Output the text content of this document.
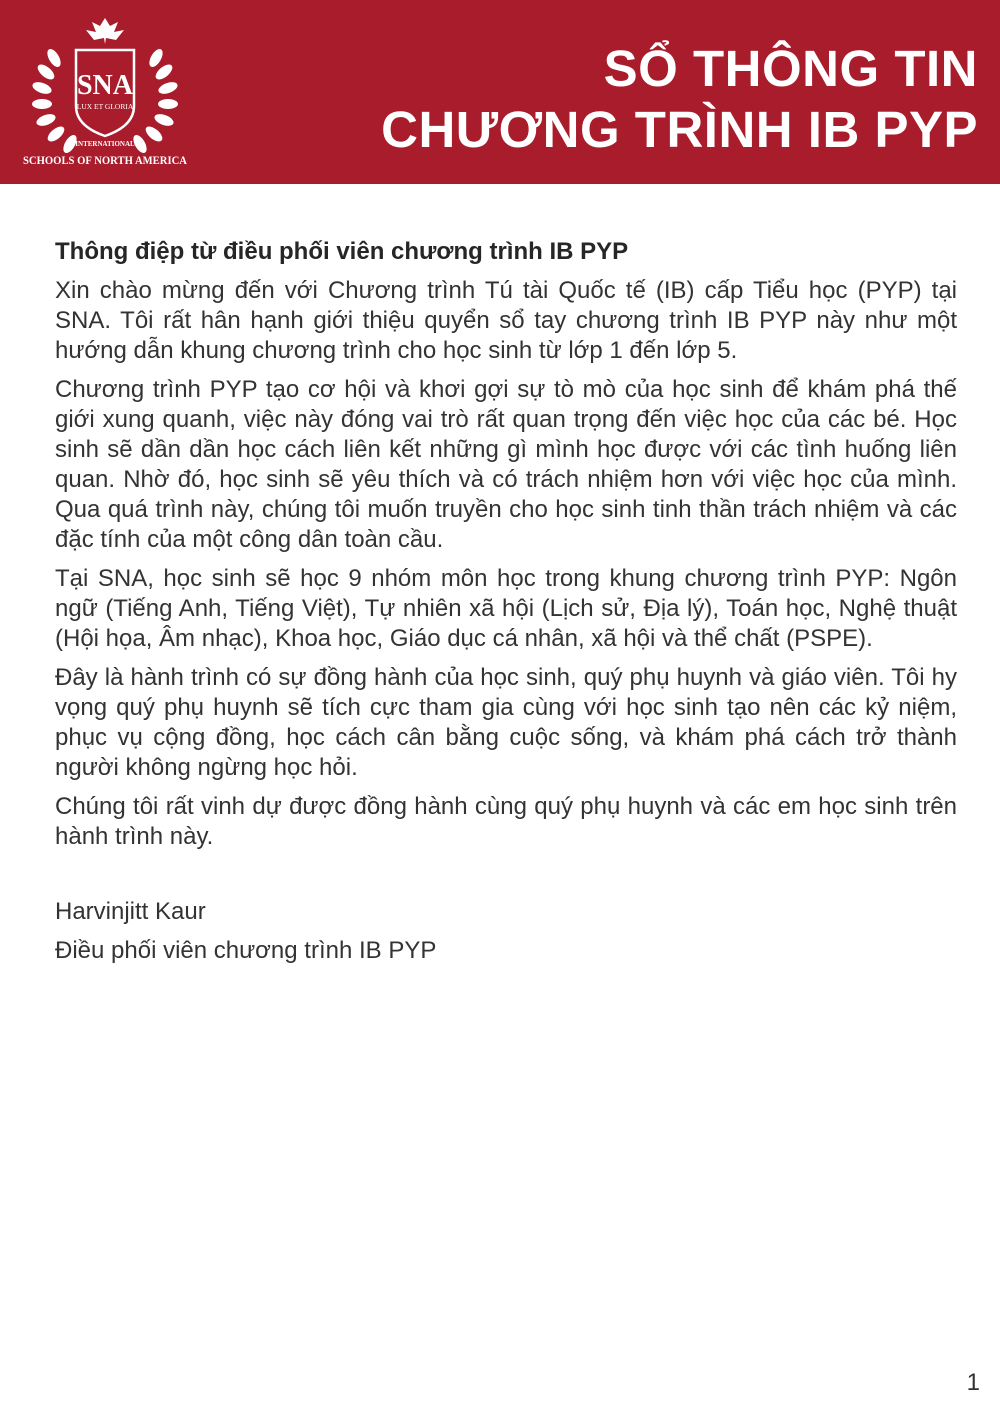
SNA
LUX ET GLORIA
INTERNATIONAL
SCHOOLS OF NORTH AMERICA
SỔ THÔNG TIN
CHƯƠNG TRÌNH IB PYP

Thông điệp từ điều phối viên chương trình IB PYP

Xin chào mừng đến với Chương trình Tú tài Quốc tế (IB) cấp Tiểu học (PYP) tại SNA. Tôi rất hân hạnh giới thiệu quyển sổ tay chương trình IB PYP này như một hướng dẫn khung chương trình cho học sinh từ lớp 1 đến lớp 5.

Chương trình PYP tạo cơ hội và khơi gợi sự tò mò của học sinh để khám phá thế giới xung quanh, việc này đóng vai trò rất quan trọng đến việc học của các bé. Học sinh sẽ dần dần học cách liên kết những gì mình học được với các tình huống liên quan. Nhờ đó, học sinh sẽ yêu thích và có trách nhiệm hơn với việc học của mình. Qua quá trình này, chúng tôi muốn truyền cho học sinh tinh thần trách nhiệm và các đặc tính của một công dân toàn cầu.

Tại SNA, học sinh sẽ học 9 nhóm môn học trong khung chương trình PYP: Ngôn ngữ (Tiếng Anh, Tiếng Việt), Tự nhiên xã hội (Lịch sử, Địa lý), Toán học, Nghệ thuật (Hội họa, Âm nhạc), Khoa học, Giáo dục cá nhân, xã hội và thể chất (PSPE).

Đây là hành trình có sự đồng hành của học sinh, quý phụ huynh và giáo viên. Tôi hy vọng quý phụ huynh sẽ tích cực tham gia cùng với học sinh tạo nên các kỷ niệm, phục vụ cộng đồng, học cách cân bằng cuộc sống, và khám phá cách trở thành người không ngừng học hỏi.

Chúng tôi rất vinh dự được đồng hành cùng quý phụ huynh và các em học sinh trên hành trình này.

Harvinjitt Kaur

Điều phối viên chương trình IB PYP

1
